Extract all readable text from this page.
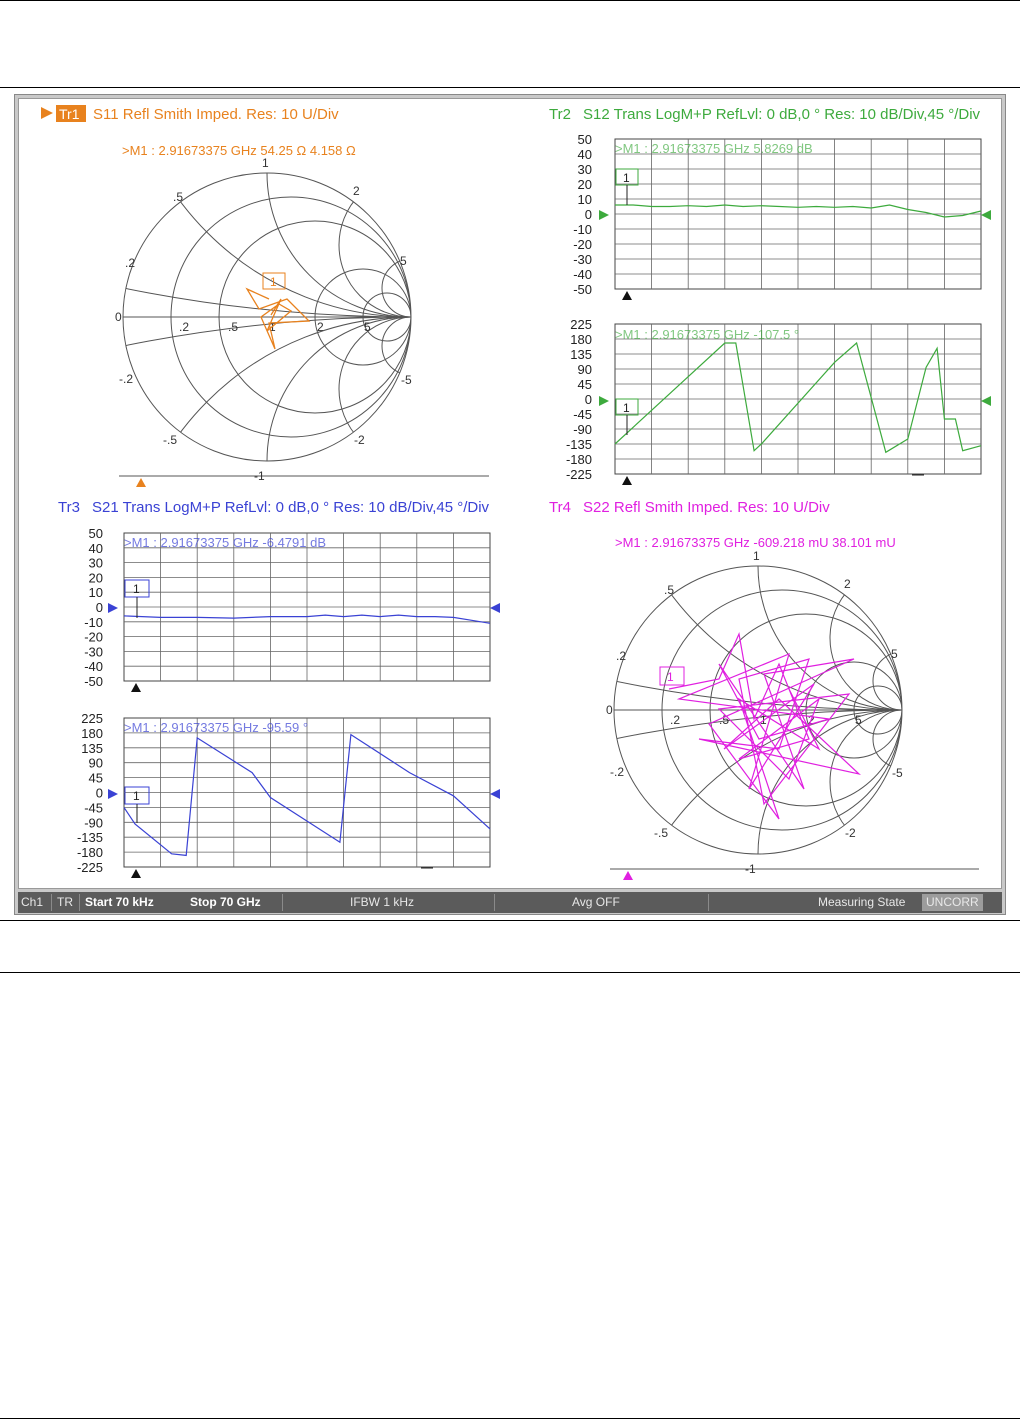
Tr1 S11 Refl Smith Imped. Res: 10 U/Div
>M1 : 2.91673375 GHz 54.25 Ω 4.158 Ω
1
.5	2
.2	5
0
.2	.5	1	2	5
-.2	-5
-.5	-2
-1
1
Tr2 S12 Trans LogM+P RefLvl: 0 dB,0 ° Res: 10 dB/Div,45 °/Div
50
40
30
20
10
0
-10
-20
-30
-40
-50
>M1 : 2.91673375 GHz 5.8269 dB
1
225
180
135
90
45
0
-45
-90
-135
-180
-225
>M1 : 2.91673375 GHz -107.5 °
1
Tr3 S21 Trans LogM+P RefLvl: 0 dB,0 ° Res: 10 dB/Div,45 °/Div
50
40
30
20
10
0
-10
-20
-30
-40
-50
>M1 : 2.91673375 GHz -6.4791 dB
1
225
180
135
90
45
0
-45
-90
-135
-180
-225
>M1 : 2.91673375 GHz -95.59 °
1
Tr4 S22 Refl Smith Imped. Res: 10 U/Div
>M1 : 2.91673375 GHz -609.218 mU 38.101 mU
1
.5	2
.2	5
0
.2	.5	1	2	5
-.2	-5
-.5	-2
-1
1
Ch1 TR Start 70 kHz	Stop 70 GHz	IFBW 1 kHz	Avg OFF	Measuring State	UNCORR
